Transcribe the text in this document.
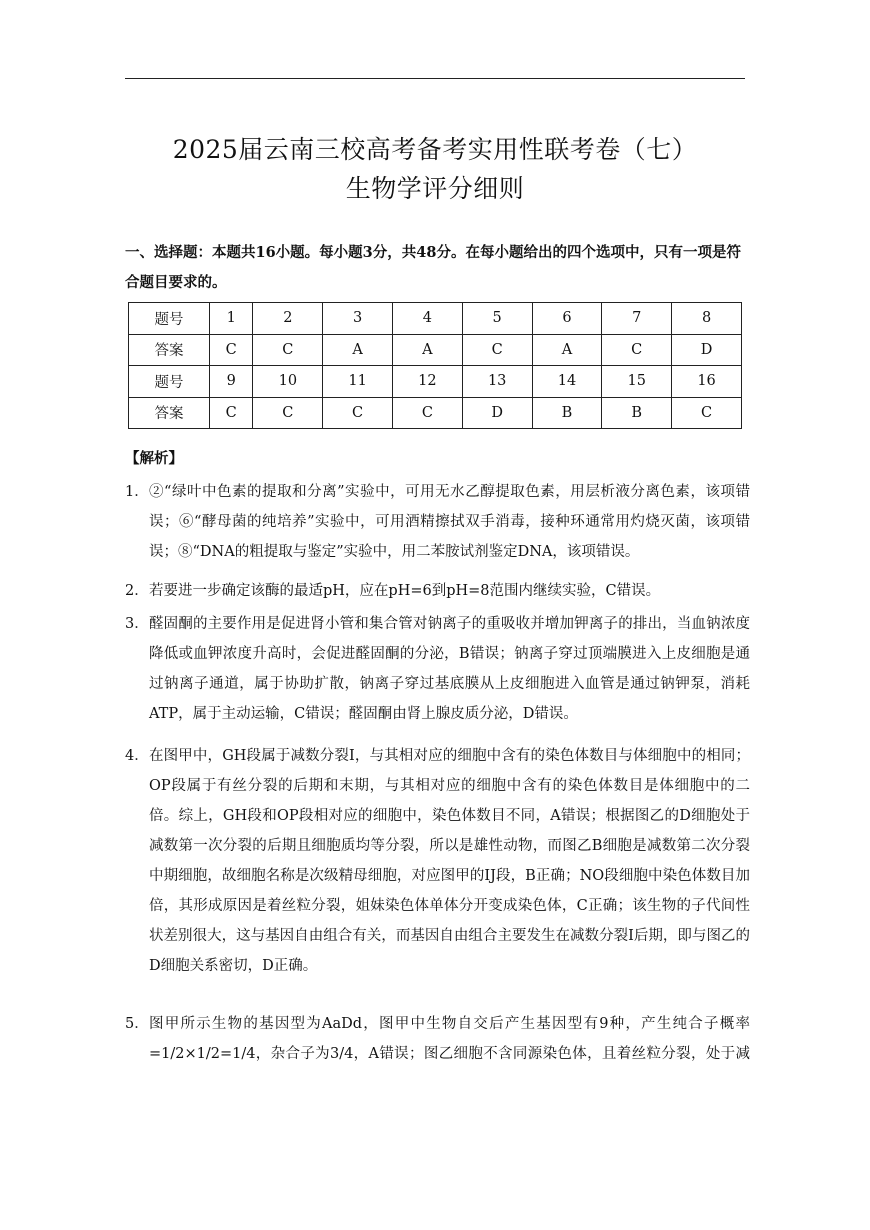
2025届云南三校高考备考实用性联考卷（七）
生物学评分细则
一、选择题：本题共16小题。每小题3分，共48分。在每小题给出的四个选项中，只有一项是符合题目要求的。
题号	1	2	3	4	5	6	7	8
答案	C	C	A	A	C	A	C	D
题号	9	10	11	12	13	14	15	16
答案	C	C	C	C	D	B	B	C
【解析】
1． ②“绿叶中色素的提取和分离”实验中，可用无水乙醇提取色素，用层析液分离色素，该项错误；⑥“酵母菌的纯培养”实验中，可用酒精擦拭双手消毒，接种环通常用灼烧灭菌，该项错误；⑧“DNA的粗提取与鉴定”实验中，用二苯胺试剂鉴定DNA，该项错误。
2． 若要进一步确定该酶的最适pH，应在pH=6到pH=8范围内继续实验，C错误。
3． 醛固酮的主要作用是促进肾小管和集合管对钠离子的重吸收并增加钾离子的排出，当血钠浓度降低或血钾浓度升高时，会促进醛固酮的分泌，B错误；钠离子穿过顶端膜进入上皮细胞是通过钠离子通道，属于协助扩散，钠离子穿过基底膜从上皮细胞进入血管是通过钠钾泵，消耗ATP，属于主动运输，C错误；醛固酮由肾上腺皮质分泌，D错误。
4． 在图甲中，GH段属于减数分裂Ⅰ，与其相对应的细胞中含有的染色体数目与体细胞中的相同；OP段属于有丝分裂的后期和末期，与其相对应的细胞中含有的染色体数目是体细胞中的二倍。综上，GH段和OP段相对应的细胞中，染色体数目不同，A错误；根据图乙的D细胞处于减数第一次分裂的后期且细胞质均等分裂，所以是雄性动物，而图乙B细胞是减数第二次分裂中期细胞，故细胞名称是次级精母细胞，对应图甲的IJ段，B正确；NO段细胞中染色体数目加倍，其形成原因是着丝粒分裂，姐妹染色体单体分开变成染色体，C正确；该生物的子代间性状差别很大，这与基因自由组合有关，而基因自由组合主要发生在减数分裂Ⅰ后期，即与图乙的D细胞关系密切，D正确。
5． 图甲所示生物的基因型为AaDd，图甲中生物自交后产生基因型有9种，产生纯合子概率=1/2×1/2=1/4，杂合子为3/4，A错误；图乙细胞不含同源染色体，且着丝粒分裂，处于减
